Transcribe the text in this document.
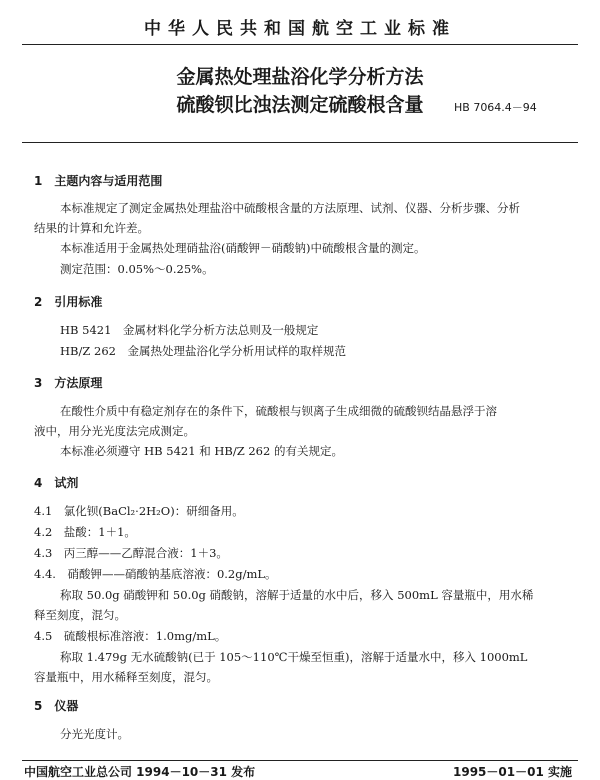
中华人民共和国航空工业标准
金属热处理盐浴化学分析方法
硫酸钡比浊法测定硫酸根含量	HB 7064.4－94
1　主题内容与适用范围
本标准规定了测定金属热处理盐浴中硫酸根含量的方法原理、试剂、仪器、分析步骤、分析
结果的计算和允许差。
本标准适用于金属热处理硝盐浴(硝酸钾－硝酸钠)中硫酸根含量的测定。
测定范围：0.05%～0.25%。
2　引用标准
HB 5421　金属材料化学分析方法总则及一般规定
HB/Z 262　金属热处理盐浴化学分析用试样的取样规范
3　方法原理
在酸性介质中有稳定剂存在的条件下，硫酸根与钡离子生成细微的硫酸钡结晶悬浮于溶
液中，用分光光度法完成测定。
本标准必须遵守 HB 5421 和 HB/Z 262 的有关规定。
4　试剂
4.1　氯化钡(BaCl₂·2H₂O)：研细备用。
4.2　盐酸：1＋1。
4.3　丙三醇——乙醇混合液：1＋3。
4.4.　硝酸钾——硝酸钠基底溶液：0.2g/mL。
称取 50.0g 硝酸钾和 50.0g 硝酸钠，溶解于适量的水中后，移入 500mL 容量瓶中，用水稀
释至刻度，混匀。
4.5　硫酸根标准溶液：1.0mg/mL。
称取 1.479g 无水硫酸钠(已于 105～110℃干燥至恒重)，溶解于适量水中，移入 1000mL
容量瓶中，用水稀释至刻度，混匀。
5　仪器
分光光度计。
中国航空工业总公司 1994－10－31 发布	1995－01－01 实施
